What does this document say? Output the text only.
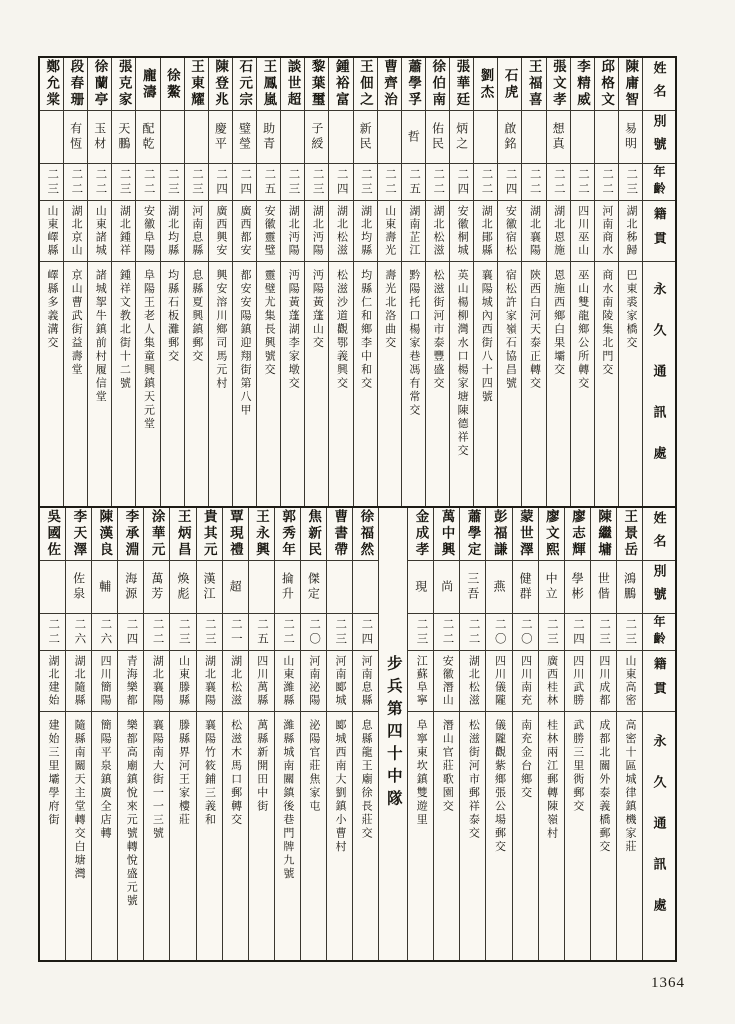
姓名
別號
年齡
籍貫
永久通訊處
陳庸智
易明
二三
湖北秭歸
巴東裘家橋交
邱格文
二二
河南商水
商水南陵集北門交
李精威
二二
四川巫山
巫山雙龍鄉公所轉交
張文孝
想真
二二
湖北恩施
恩施西鄉白果壩交
王福喜
二二
湖北襄陽
陝西白河天泰正轉交
石虎
啟銘
二四
安徽宿松
宿松許家嶺石協昌號
劉杰
二二
湖北鄖縣
襄陽城內西街八十四號
張華廷
炳之
二四
安徽桐城
英山楊柳灣水口楊家塘陳德祥交
徐伯南
佑民
二二
湖北松滋
松滋街河市泰豐盛交
蕭學孚
哲
二五
湖南芷江
黔陽托口楊家巷馮有常交
曹齊治
二二
山東壽光
壽光北洛曲交
王佃之
新民
二三
湖北均縣
均縣仁和鄉李中和交
鍾裕富
二四
湖北松滋
松滋沙道觀鄂義興交
黎葉璽
子綬
二三
湖北沔陽
沔陽黃蓬山交
談世超
二三
湖北沔陽
沔陽黃蓬湖李家墩交
王鳳嵐
助青
二五
安徽靈璧
靈璧尤集長興號交
石元宗
璧瑩
二四
廣西都安
都安安陽鎮迎翔街第八甲
陳登兆
慶平
二四
廣西興安
興安溶川鄉司馬元村
王東耀
二三
河南息縣
息縣夏興鎮郵交
徐鰲
二三
湖北均縣
均縣石板灘郵交
龐濤
配乾
二二
安徽阜陽
阜陽王老人集童興鎮天元堂
張克家
天鵬
二三
湖北鍾祥
鍾祥文教北街十二號
徐蘭亭
玉材
二二
山東諸城
諸城挐牛鎮前村履信堂
段春珊
有恆
二二
湖北京山
京山曹武街益壽堂
鄭允棠
二三
山東嶧縣
嶧縣多義溝交
姓名
別號
年齡
籍貫
永久通訊處
王景岳
鴻鵬
二三
山東高密
高密十區城律鎮機家莊
陳繼墉
世偕
二三
四川成都
成都北關外泰義橋郵交
廖志輝
學彬
二四
四川武勝
武勝三里衖郵交
廖文熙
中立
二三
廣西桂林
桂林兩江郵轉陳嶺村
蒙世澤
健群
二〇
四川南充
南充金台鄉交
彭福謙
燕
二〇
四川儀隴
儀隴觀紫鄉張公場郵交
蕭學定
三吾
二二
湖北松滋
松滋街河市郵祥泰交
萬中興
尚
二二
安徽潛山
潛山官莊歌園交
金成孝
現
二三
江蘇阜寧
阜寧東坎鎮雙遊里
步兵第四十中隊
徐福然
二四
河南息縣
息縣龍王廟徐長莊交
曹書帶
二三
河南郾城
郾城西南大劉鎮小曹村
焦新民
傑定
二〇
河南泌陽
泌陽官莊焦家屯
郭秀年
掄升
二二
山東濰縣
濰縣城南關鎮後巷門牌九號
王永興
二五
四川萬縣
萬縣新開田中街
覃現禮
超
二一
湖北松滋
松滋木馬口郵轉交
貴其元
漢江
二三
湖北襄陽
襄陽竹筱鋪三義和
王炳昌
煥彪
二三
山東滕縣
滕縣界河王家樓莊
涂華元
萬芳
二二
湖北襄陽
襄陽南大街一一三號
李承淵
海源
二四
青海樂都
樂都高廟鎮悅來元號轉悅盛元號
陳漢良
輔
二六
四川簡陽
簡陽平泉鎮廣全店轉
李天澤
佐泉
二六
湖北隨縣
隨縣南關天主堂轉交白塘灣
吳國佐
二二
湖北建始
建始三里壩學府街
1364
